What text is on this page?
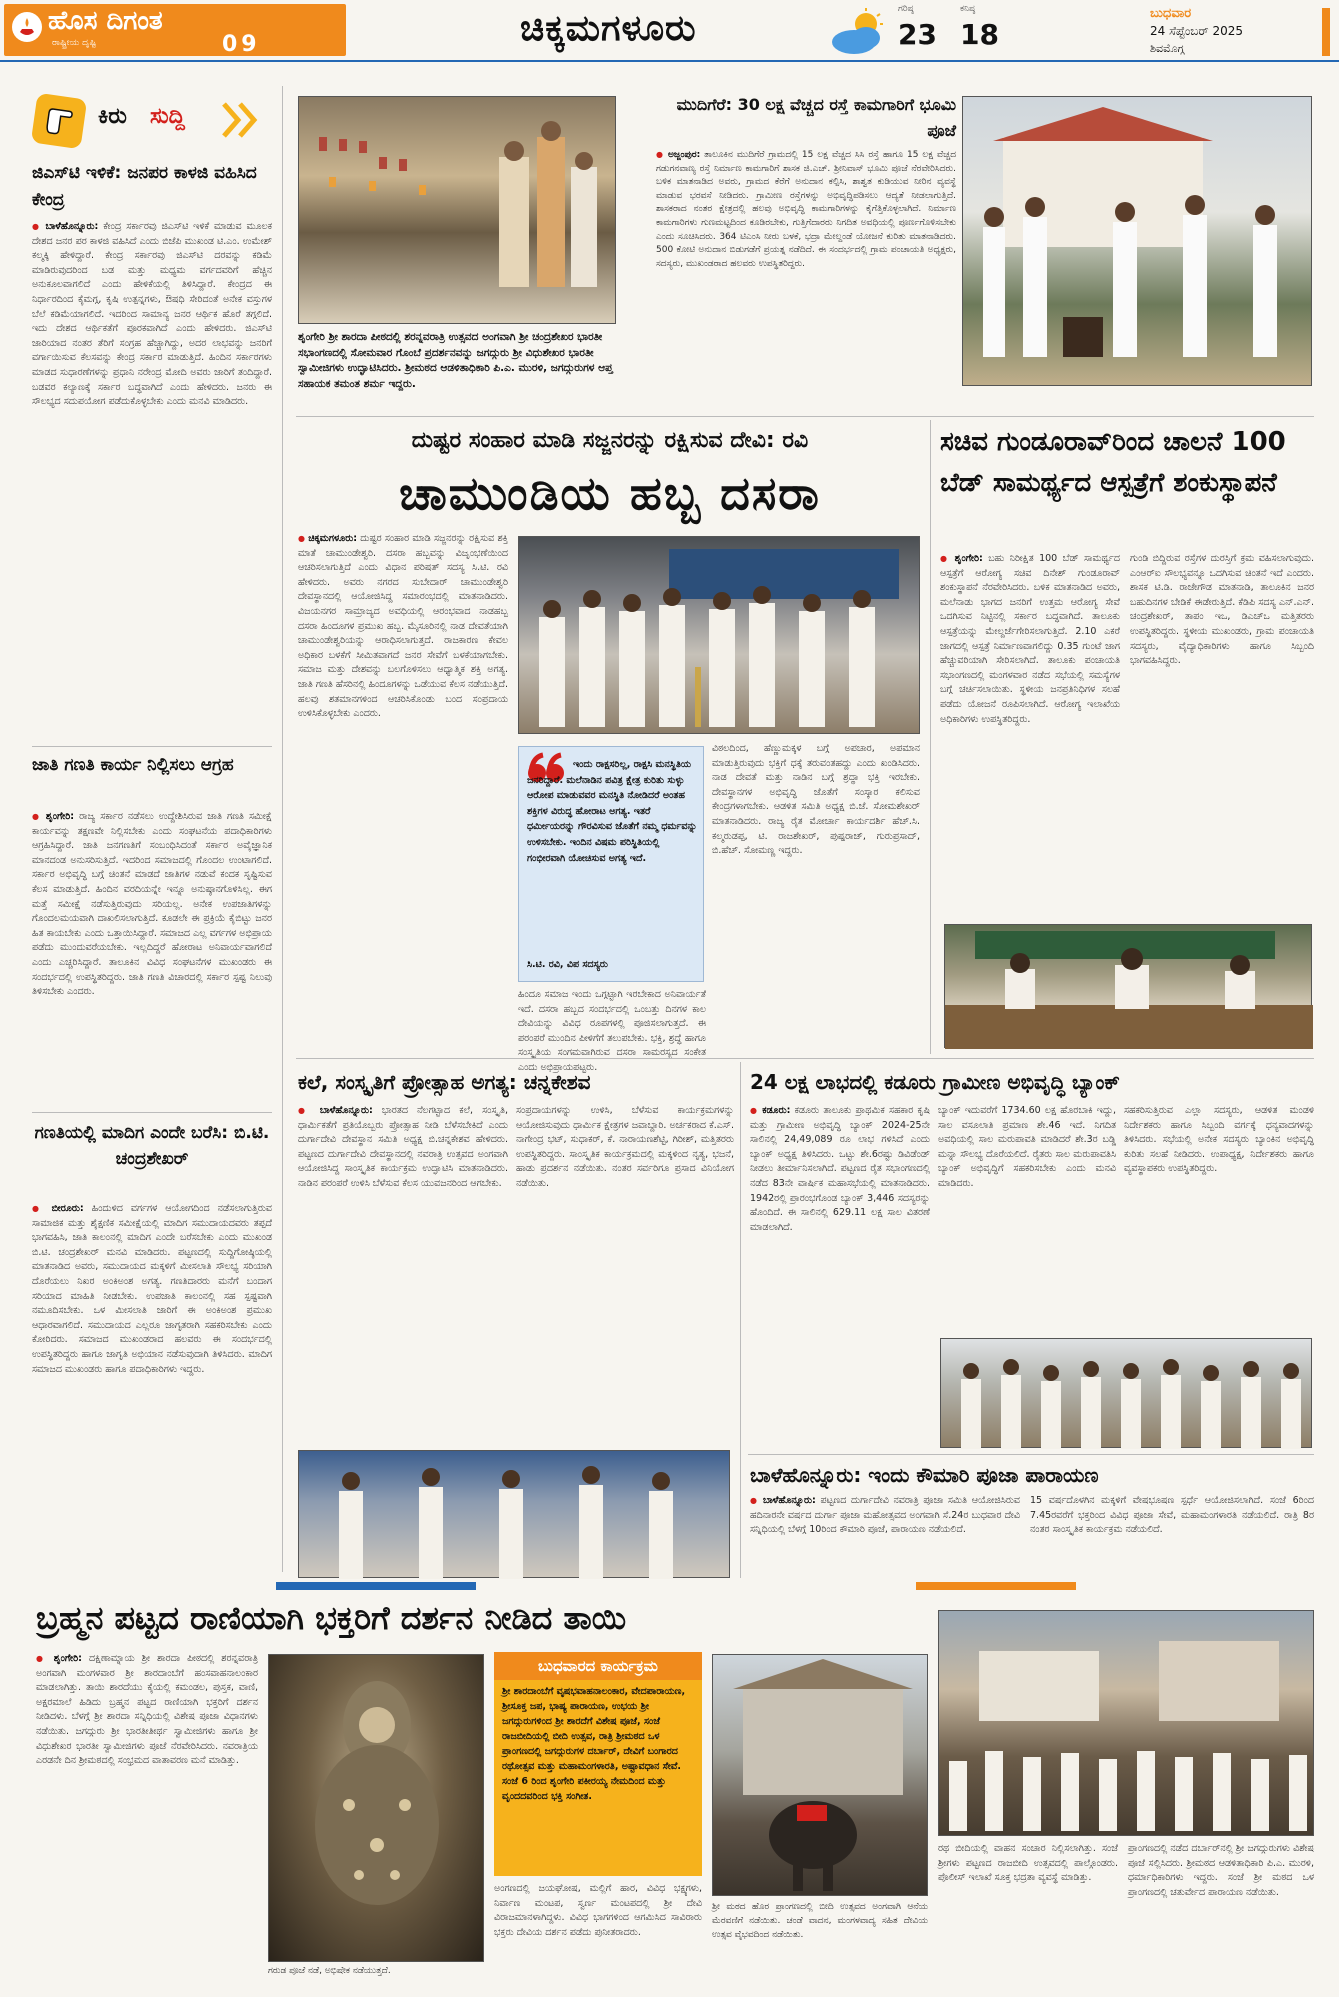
ಹೊಸ ದಿಗಂತ
ರಾಷ್ಟ್ರೀಯ ದೃಷ್ಟಿ	09	ಚಿಕ್ಕಮಗಳೂರು	ಗರಿಷ್ಠ
23
ಕನಿಷ್ಠ
18
ಬುಧವಾರ
24 ಸೆಪ್ಟೆಂಬರ್ 2025
ಶಿವಮೊಗ್ಗ
ಕಿರು	ಸುದ್ದಿ
ಜಿಎಸ್‌ಟಿ ಇಳಿಕೆ: ಜನಪರ ಕಾಳಜಿ ವಹಿಸಿದ ಕೇಂದ್ರ
● ಬಾಳೆಹೊನ್ನೂರು: ಕೇಂದ್ರ ಸರ್ಕಾರವು ಜಿಎಸ್‌ಟಿ ಇಳಿಕೆ ಮಾಡುವ ಮೂಲಕ ದೇಶದ ಜನರ ಪರ ಕಾಳಜಿ ವಹಿಸಿದೆ ಎಂದು ಬಿಜೆಪಿ ಮುಖಂಡ ಟಿ.ಎಂ. ಉಮೇಶ್ ಕಲ್ಮಕ್ಕಿ ಹೇಳಿದ್ದಾರೆ. ಕೇಂದ್ರ ಸರ್ಕಾರವು ಜಿಎಸ್‌ಟಿ ದರವನ್ನು ಕಡಿಮೆ ಮಾಡಿರುವುದರಿಂದ ಬಡ ಮತ್ತು ಮಧ್ಯಮ ವರ್ಗದವರಿಗೆ ಹೆಚ್ಚಿನ ಅನುಕೂಲವಾಗಲಿದೆ ಎಂದು ಹೇಳಿಕೆಯಲ್ಲಿ ತಿಳಿಸಿದ್ದಾರೆ. ಕೇಂದ್ರದ ಈ ನಿರ್ಧಾರದಿಂದ ಕೈಮಗ್ಗ, ಕೃಷಿ ಉತ್ಪನ್ನಗಳು, ಔಷಧಿ ಸೇರಿದಂತೆ ಅನೇಕ ವಸ್ತುಗಳ ಬೆಲೆ ಕಡಿಮೆಯಾಗಲಿದೆ. ಇದರಿಂದ ಸಾಮಾನ್ಯ ಜನರ ಆರ್ಥಿಕ ಹೊರೆ ತಗ್ಗಲಿದೆ. ಇದು ದೇಶದ ಆರ್ಥಿಕತೆಗೆ ಪೂರಕವಾಗಿದೆ ಎಂದು ಹೇಳಿದರು. ಜಿಎಸ್‌ಟಿ ಜಾರಿಯಾದ ನಂತರ ತೆರಿಗೆ ಸಂಗ್ರಹ ಹೆಚ್ಚಾಗಿದ್ದು, ಅದರ ಲಾಭವನ್ನು ಜನರಿಗೆ ವರ್ಗಾಯಿಸುವ ಕೆಲಸವನ್ನು ಕೇಂದ್ರ ಸರ್ಕಾರ ಮಾಡುತ್ತಿದೆ. ಹಿಂದಿನ ಸರ್ಕಾರಗಳು ಮಾಡದ ಸುಧಾರಣೆಗಳನ್ನು ಪ್ರಧಾನಿ ನರೇಂದ್ರ ಮೋದಿ ಅವರು ಜಾರಿಗೆ ತಂದಿದ್ದಾರೆ. ಬಡವರ ಕಲ್ಯಾಣಕ್ಕೆ ಸರ್ಕಾರ ಬದ್ಧವಾಗಿದೆ ಎಂದು ಹೇಳಿದರು. ಜನರು ಈ ಸೌಲಭ್ಯದ ಸದುಪಯೋಗ ಪಡೆದುಕೊಳ್ಳಬೇಕು ಎಂದು ಮನವಿ ಮಾಡಿದರು.
ಜಾತಿ ಗಣತಿ ಕಾರ್ಯ ನಿಲ್ಲಿಸಲು ಆಗ್ರಹ
● ಶೃಂಗೇರಿ: ರಾಜ್ಯ ಸರ್ಕಾರ ನಡೆಸಲು ಉದ್ದೇಶಿಸಿರುವ ಜಾತಿ ಗಣತಿ ಸಮೀಕ್ಷೆ ಕಾರ್ಯವನ್ನು ತಕ್ಷಣವೇ ನಿಲ್ಲಿಸಬೇಕು ಎಂದು ಸಂಘಟನೆಯ ಪದಾಧಿಕಾರಿಗಳು ಆಗ್ರಹಿಸಿದ್ದಾರೆ. ಜಾತಿ ಜನಗಣತಿಗೆ ಸಂಬಂಧಿಸಿದಂತೆ ಸರ್ಕಾರ ಅವೈಜ್ಞಾನಿಕ ಮಾನದಂಡ ಅನುಸರಿಸುತ್ತಿದೆ. ಇದರಿಂದ ಸಮಾಜದಲ್ಲಿ ಗೊಂದಲ ಉಂಟಾಗಲಿದೆ. ಸರ್ಕಾರ ಅಭಿವೃದ್ಧಿ ಬಗ್ಗೆ ಚಿಂತನೆ ಮಾಡದೆ ಜಾತಿಗಳ ನಡುವೆ ಕಂದಕ ಸೃಷ್ಟಿಸುವ ಕೆಲಸ ಮಾಡುತ್ತಿದೆ. ಹಿಂದಿನ ವರದಿಯನ್ನೇ ಇನ್ನೂ ಅನುಷ್ಠಾನಗೊಳಿಸಿಲ್ಲ. ಈಗ ಮತ್ತೆ ಸಮೀಕ್ಷೆ ನಡೆಸುತ್ತಿರುವುದು ಸರಿಯಲ್ಲ. ಅನೇಕ ಉಪಜಾತಿಗಳನ್ನು ಗೊಂದಲಮಯವಾಗಿ ದಾಖಲಿಸಲಾಗುತ್ತಿದೆ. ಕೂಡಲೇ ಈ ಪ್ರಕ್ರಿಯೆ ಕೈಬಿಟ್ಟು ಜನರ ಹಿತ ಕಾಯಬೇಕು ಎಂದು ಒತ್ತಾಯಿಸಿದ್ದಾರೆ. ಸಮಾಜದ ಎಲ್ಲ ವರ್ಗಗಳ ಅಭಿಪ್ರಾಯ ಪಡೆದು ಮುಂದುವರೆಯಬೇಕು. ಇಲ್ಲದಿದ್ದರೆ ಹೋರಾಟ ಅನಿವಾರ್ಯವಾಗಲಿದೆ ಎಂದು ಎಚ್ಚರಿಸಿದ್ದಾರೆ. ತಾಲೂಕಿನ ವಿವಿಧ ಸಂಘಟನೆಗಳ ಮುಖಂಡರು ಈ ಸಂದರ್ಭದಲ್ಲಿ ಉಪಸ್ಥಿತರಿದ್ದರು. ಜಾತಿ ಗಣತಿ ವಿಚಾರದಲ್ಲಿ ಸರ್ಕಾರ ಸ್ಪಷ್ಟ ನಿಲುವು ತಿಳಿಸಬೇಕು ಎಂದರು.
ಗಣತಿಯಲ್ಲಿ ಮಾದಿಗ ಎಂದೇ ಬರೆಸಿ: ಬಿ.ಟಿ. ಚಂದ್ರಶೇಖರ್
● ಬೀರೂರು: ಹಿಂದುಳಿದ ವರ್ಗಗಳ ಆಯೋಗದಿಂದ ನಡೆಸಲಾಗುತ್ತಿರುವ ಸಾಮಾಜಿಕ ಮತ್ತು ಶೈಕ್ಷಣಿಕ ಸಮೀಕ್ಷೆಯಲ್ಲಿ ಮಾದಿಗ ಸಮುದಾಯದವರು ತಪ್ಪದೆ ಭಾಗವಹಿಸಿ, ಜಾತಿ ಕಾಲಂನಲ್ಲಿ ಮಾದಿಗ ಎಂದೇ ಬರೆಸಬೇಕು ಎಂದು ಮುಖಂಡ ಬಿ.ಟಿ. ಚಂದ್ರಶೇಖರ್ ಮನವಿ ಮಾಡಿದರು. ಪಟ್ಟಣದಲ್ಲಿ ಸುದ್ದಿಗೋಷ್ಠಿಯಲ್ಲಿ ಮಾತನಾಡಿದ ಅವರು, ಸಮುದಾಯದ ಮಕ್ಕಳಿಗೆ ಮೀಸಲಾತಿ ಸೌಲಭ್ಯ ಸರಿಯಾಗಿ ದೊರೆಯಲು ನಿಖರ ಅಂಕಿಅಂಶ ಅಗತ್ಯ. ಗಣತಿದಾರರು ಮನೆಗೆ ಬಂದಾಗ ಸರಿಯಾದ ಮಾಹಿತಿ ನೀಡಬೇಕು. ಉಪಜಾತಿ ಕಾಲಂನಲ್ಲಿ ಸಹ ಸ್ಪಷ್ಟವಾಗಿ ನಮೂದಿಸಬೇಕು. ಒಳ ಮೀಸಲಾತಿ ಜಾರಿಗೆ ಈ ಅಂಕಿಅಂಶ ಪ್ರಮುಖ ಆಧಾರವಾಗಲಿದೆ. ಸಮುದಾಯದ ಎಲ್ಲರೂ ಜಾಗೃತರಾಗಿ ಸಹಕರಿಸಬೇಕು ಎಂದು ಕೋರಿದರು. ಸಮಾಜದ ಮುಖಂಡರಾದ ಹಲವರು ಈ ಸಂದರ್ಭದಲ್ಲಿ ಉಪಸ್ಥಿತರಿದ್ದರು ಹಾಗೂ ಜಾಗೃತಿ ಅಭಿಯಾನ ನಡೆಸುವುದಾಗಿ ತಿಳಿಸಿದರು. ಮಾದಿಗ ಸಮಾಜದ ಮುಖಂಡರು ಹಾಗೂ ಪದಾಧಿಕಾರಿಗಳು ಇದ್ದರು.
ಶೃಂಗೇರಿ ಶ್ರೀ ಶಾರದಾ ಪೀಠದಲ್ಲಿ ಶರನ್ನವರಾತ್ರಿ ಉತ್ಸವದ ಅಂಗವಾಗಿ ಶ್ರೀ ಚಂದ್ರಶೇಖರ ಭಾರತೀ ಸಭಾಂಗಣದಲ್ಲಿ ಸೋಮವಾರ ಗೊಂಬೆ ಪ್ರದರ್ಶನವನ್ನು ಜಗದ್ಗುರು ಶ್ರೀ ವಿಧುಶೇಖರ ಭಾರತೀ ಸ್ವಾಮೀಜಿಗಳು ಉದ್ಘಾಟಿಸಿದರು. ಶ್ರೀಮಠದ ಆಡಳಿತಾಧಿಕಾರಿ ಪಿ.ಎ. ಮುರಳಿ, ಜಗದ್ಗುರುಗಳ ಆಪ್ತ ಸಹಾಯಕ ತಮಂತ ಶರ್ಮ ಇದ್ದರು.
ಮುದಿಗೆರೆ: 30 ಲಕ್ಷ ವೆಚ್ಚದ ರಸ್ತೆ ಕಾಮಗಾರಿಗೆ ಭೂಮಿ ಪೂಜೆ
● ಅಜ್ಜಂಪುರ: ತಾಲೂಕಿನ ಮುದಿಗೆರೆ ಗ್ರಾಮದಲ್ಲಿ 15 ಲಕ್ಷ ವೆಚ್ಚದ ಸಿಸಿ ರಸ್ತೆ ಹಾಗೂ 15 ಲಕ್ಷ ವೆಚ್ಚದ ಗಡುಗನವಾಣ್ಯ ರಸ್ತೆ ನಿರ್ಮಾಣ ಕಾಮಗಾರಿಗೆ ಶಾಸಕ ಜಿ.ಎಚ್. ಶ್ರೀನಿವಾಸ್ ಭೂಮಿ ಪೂಜೆ ನೆರವೇರಿಸಿದರು. ಬಳಿಕ ಮಾತನಾಡಿದ ಅವರು, ಗ್ರಾಮದ ಕೆರೆಗೆ ಅನುದಾನ ಕಲ್ಪಿಸಿ, ಶಾಶ್ವತ ಕುಡಿಯುವ ನೀರಿನ ವ್ಯವಸ್ಥೆ ಮಾಡುವ ಭರವಸೆ ನೀಡಿದರು. ಗ್ರಾಮೀಣ ರಸ್ತೆಗಳನ್ನು ಅಭಿವೃದ್ಧಿಪಡಿಸಲು ಆದ್ಯತೆ ನೀಡಲಾಗುತ್ತಿದೆ. ಶಾಸಕರಾದ ನಂತರ ಕ್ಷೇತ್ರದಲ್ಲಿ ಹಲವು ಅಭಿವೃದ್ಧಿ ಕಾಮಗಾರಿಗಳನ್ನು ಕೈಗೆತ್ತಿಕೊಳ್ಳಲಾಗಿದೆ. ನಿರ್ಮಾಣ ಕಾಮಗಾರಿಗಳು ಗುಣಮಟ್ಟದಿಂದ ಕೂಡಿರಬೇಕು, ಗುತ್ತಿಗೆದಾರರು ನಿಗದಿತ ಅವಧಿಯಲ್ಲಿ ಪೂರ್ಣಗೊಳಿಸಬೇಕು ಎಂದು ಸೂಚಿಸಿದರು. 364 ಟಿಎಂಸಿ ನೀರು ಬಳಕೆ, ಭದ್ರಾ ಮೇಲ್ದಂಡೆ ಯೋಜನೆ ಕುರಿತು ಮಾತನಾಡಿದರು. 500 ಕೋಟಿ ಅನುದಾನ ಬಿಡುಗಡೆಗೆ ಪ್ರಯತ್ನ ನಡೆದಿದೆ. ಈ ಸಂದರ್ಭದಲ್ಲಿ ಗ್ರಾಮ ಪಂಚಾಯತಿ ಅಧ್ಯಕ್ಷರು, ಸದಸ್ಯರು, ಮುಖಂಡರಾದ ಹಲವರು ಉಪಸ್ಥಿತರಿದ್ದರು.
ದುಷ್ಟರ ಸಂಹಾರ ಮಾಡಿ ಸಜ್ಜನರನ್ನು ರಕ್ಷಿಸುವ ದೇವಿ: ರವಿ
ಚಾಮುಂಡಿಯ ಹಬ್ಬ ದಸರಾ
● ಚಿಕ್ಕಮಗಳೂರು: ದುಷ್ಟರ ಸಂಹಾರ ಮಾಡಿ ಸಜ್ಜನರನ್ನು ರಕ್ಷಿಸುವ ಶಕ್ತಿ ಮಾತೆ ಚಾಮುಂಡೇಶ್ವರಿ. ದಸರಾ ಹಬ್ಬವನ್ನು ವಿಜೃಂಭಣೆಯಿಂದ ಆಚರಿಸಲಾಗುತ್ತಿದೆ ಎಂದು ವಿಧಾನ ಪರಿಷತ್ ಸದಸ್ಯ ಸಿ.ಟಿ. ರವಿ ಹೇಳಿದರು. ಅವರು ನಗರದ ಸುಬೇದಾರ್ ಚಾಮುಂಡೇಶ್ವರಿ ದೇವಸ್ಥಾನದಲ್ಲಿ ಆಯೋಜಿಸಿದ್ದ ಸಮಾರಂಭದಲ್ಲಿ ಮಾತನಾಡಿದರು. ವಿಜಯನಗರ ಸಾಮ್ರಾಜ್ಯದ ಅವಧಿಯಲ್ಲಿ ಆರಂಭವಾದ ನಾಡಹಬ್ಬ ದಸರಾ ಹಿಂದೂಗಳ ಪ್ರಮುಖ ಹಬ್ಬ. ಮೈಸೂರಿನಲ್ಲಿ ನಾಡ ದೇವತೆಯಾಗಿ ಚಾಮುಂಡೇಶ್ವರಿಯನ್ನು ಆರಾಧಿಸಲಾಗುತ್ತದೆ. ರಾಜಕಾರಣ ಕೇವಲ ಅಧಿಕಾರ ಬಳಕೆಗೆ ಸೀಮಿತವಾಗದೆ ಜನರ ಸೇವೆಗೆ ಬಳಕೆಯಾಗಬೇಕು. ಸಮಾಜ ಮತ್ತು ದೇಶವನ್ನು ಬಲಗೊಳಿಸಲು ಆಧ್ಯಾತ್ಮಿಕ ಶಕ್ತಿ ಅಗತ್ಯ. ಜಾತಿ ಗಣತಿ ಹೆಸರಿನಲ್ಲಿ ಹಿಂದೂಗಳನ್ನು ಒಡೆಯುವ ಕೆಲಸ ನಡೆಯುತ್ತಿದೆ. ಹಲವು ಶತಮಾನಗಳಿಂದ ಆಚರಿಸಿಕೊಂಡು ಬಂದ ಸಂಪ್ರದಾಯ ಉಳಿಸಿಕೊಳ್ಳಬೇಕು ಎಂದರು.
ಇಂದು ರಾಕ್ಷಸರಿಲ್ಲ, ರಾಕ್ಷಸಿ ಮನಸ್ಥಿತಿಯ ಜನರಿದ್ದಾರೆ. ಮಲೆನಾಡಿನ ಪವಿತ್ರ ಕ್ಷೇತ್ರ ಕುರಿತು ಸುಳ್ಳು ಆರೋಪ ಮಾಡುವವರ ಮನಸ್ಥಿತಿ ನೋಡಿದರೆ ಅಂತಹ ಶಕ್ತಿಗಳ ವಿರುದ್ಧ ಹೋರಾಟ ಅಗತ್ಯ. ಇತರೆ ಧರ್ಮೀಯರನ್ನು ಗೌರವಿಸುವ ಜೊತೆಗೆ ನಮ್ಮ ಧರ್ಮವನ್ನು ಉಳಿಸಬೇಕು. ಇಂದಿನ ವಿಷಮ ಪರಿಸ್ಥಿತಿಯಲ್ಲಿ ಗಂಭೀರವಾಗಿ ಯೋಚಿಸುವ ಅಗತ್ಯ ಇದೆ.
ಸಿ.ಟಿ. ರವಿ, ವಿಪ ಸದಸ್ಯರು
ವಿಠಲದಿಂದ, ಹೆಣ್ಣುಮಕ್ಕಳ ಬಗ್ಗೆ ಅಪಚಾರ, ಅಪಮಾನ ಮಾಡುತ್ತಿರುವುದು ಭಕ್ತಿಗೆ ಧಕ್ಕೆ ತರುವಂತಹದ್ದು ಎಂದು ಖಂಡಿಸಿದರು. ನಾಡ ದೇವತೆ ಮತ್ತು ನಾಡಿನ ಬಗ್ಗೆ ಶ್ರದ್ಧಾ ಭಕ್ತಿ ಇರಬೇಕು. ದೇವಸ್ಥಾನಗಳ ಅಭಿವೃದ್ಧಿ ಜೊತೆಗೆ ಸಂಸ್ಕಾರ ಕಲಿಸುವ ಕೇಂದ್ರಗಳಾಗಬೇಕು. ಆಡಳಿತ ಸಮಿತಿ ಅಧ್ಯಕ್ಷ ಬಿ.ಜೆ. ಸೋಮಶೇಖರ್ ಮಾತನಾಡಿದರು. ರಾಜ್ಯ ರೈತ ಮೋರ್ಚಾ ಕಾರ್ಯದರ್ಶಿ ಹೆಚ್.ಸಿ. ಕಲ್ಮರುಡಪ್ಪ, ಟಿ. ರಾಜಶೇಖರ್, ಪುಷ್ಪರಾಜ್, ಗುರುಪ್ರಸಾದ್, ಬಿ.ಹೆಚ್. ಸೋಮಣ್ಣ ಇದ್ದರು.
ಹಿಂದೂ ಸಮಾಜ ಇಂದು ಒಗ್ಗಟ್ಟಾಗಿ ಇರಬೇಕಾದ ಅನಿವಾರ್ಯತೆ ಇದೆ. ದಸರಾ ಹಬ್ಬದ ಸಂದರ್ಭದಲ್ಲಿ ಒಂಬತ್ತು ದಿನಗಳ ಕಾಲ ದೇವಿಯನ್ನು ವಿವಿಧ ರೂಪಗಳಲ್ಲಿ ಪೂಜಿಸಲಾಗುತ್ತದೆ. ಈ ಪರಂಪರೆ ಮುಂದಿನ ಪೀಳಿಗೆಗೆ ತಲುಪಬೇಕು. ಭಕ್ತಿ, ಶ್ರದ್ಧೆ ಹಾಗೂ ಸಂಸ್ಕೃತಿಯ ಸಂಗಮವಾಗಿರುವ ದಸರಾ ಸಾಮರಸ್ಯದ ಸಂಕೇತ ಎಂದು ಅಭಿಪ್ರಾಯಪಟ್ಟರು.
ಸಚಿವ ಗುಂಡೂರಾವ್‌ರಿಂದ ಚಾಲನೆ 100 ಬೆಡ್ ಸಾಮರ್ಥ್ಯದ ಆಸ್ಪತ್ರೆಗೆ ಶಂಕುಸ್ಥಾಪನೆ
● ಶೃಂಗೇರಿ: ಬಹು ನಿರೀಕ್ಷಿತ 100 ಬೆಡ್ ಸಾಮರ್ಥ್ಯದ ಆಸ್ಪತ್ರೆಗೆ ಆರೋಗ್ಯ ಸಚಿವ ದಿನೇಶ್ ಗುಂಡೂರಾವ್ ಶಂಕುಸ್ಥಾಪನೆ ನೆರವೇರಿಸಿದರು. ಬಳಿಕ ಮಾತನಾಡಿದ ಅವರು, ಮಲೆನಾಡು ಭಾಗದ ಜನರಿಗೆ ಉತ್ತಮ ಆರೋಗ್ಯ ಸೇವೆ ಒದಗಿಸುವ ನಿಟ್ಟಿನಲ್ಲಿ ಸರ್ಕಾರ ಬದ್ಧವಾಗಿದೆ. ತಾಲೂಕು ಆಸ್ಪತ್ರೆಯನ್ನು ಮೇಲ್ದರ್ಜೆಗೇರಿಸಲಾಗುತ್ತಿದೆ. 2.10 ಎಕರೆ ಜಾಗದಲ್ಲಿ ಆಸ್ಪತ್ರೆ ನಿರ್ಮಾಣವಾಗಲಿದ್ದು 0.35 ಗುಂಟೆ ಜಾಗ ಹೆಚ್ಚುವರಿಯಾಗಿ ಸೇರಿಸಲಾಗಿದೆ. ತಾಲೂಕು ಪಂಚಾಯತಿ ಸಭಾಂಗಣದಲ್ಲಿ ಮಂಗಳವಾರ ನಡೆದ ಸಭೆಯಲ್ಲಿ ಸಮಸ್ಯೆಗಳ ಬಗ್ಗೆ ಚರ್ಚಿಸಲಾಯಿತು. ಸ್ಥಳೀಯ ಜನಪ್ರತಿನಿಧಿಗಳ ಸಲಹೆ ಪಡೆದು ಯೋಜನೆ ರೂಪಿಸಲಾಗಿದೆ. ಆರೋಗ್ಯ ಇಲಾಖೆಯ ಅಧಿಕಾರಿಗಳು ಉಪಸ್ಥಿತರಿದ್ದರು.
ಗುಂಡಿ ಬಿದ್ದಿರುವ ರಸ್ತೆಗಳ ದುರಸ್ತಿಗೆ ಕ್ರಮ ವಹಿಸಲಾಗುವುದು. ಎಂಆರ್‌ಐ ಸೌಲಭ್ಯವನ್ನೂ ಒದಗಿಸುವ ಚಿಂತನೆ ಇದೆ ಎಂದರು. ಶಾಸಕ ಟಿ.ಡಿ. ರಾಜೇಗೌಡ ಮಾತನಾಡಿ, ತಾಲೂಕಿನ ಜನರ ಬಹುದಿನಗಳ ಬೇಡಿಕೆ ಈಡೇರುತ್ತಿದೆ. ಕೆಡಿಪಿ ಸದಸ್ಯ ಎನ್.ಎನ್. ಚಂದ್ರಶೇಖರ್, ತಾಪಂ ಇಒ, ಡಿಎಚ್‌ಒ ಮತ್ತಿತರರು ಉಪಸ್ಥಿತರಿದ್ದರು. ಸ್ಥಳೀಯ ಮುಖಂಡರು, ಗ್ರಾಮ ಪಂಚಾಯತಿ ಸದಸ್ಯರು, ವೈದ್ಯಾಧಿಕಾರಿಗಳು ಹಾಗೂ ಸಿಬ್ಬಂದಿ ಭಾಗವಹಿಸಿದ್ದರು.
ಕಲೆ, ಸಂಸ್ಕೃತಿಗೆ ಪ್ರೋತ್ಸಾಹ ಅಗತ್ಯ: ಚನ್ನಕೇಶವ
● ಬಾಳೆಹೊನ್ನೂರು: ಭಾರತದ ನೆಲಗಟ್ಟಾದ ಕಲೆ, ಸಂಸ್ಕೃತಿ, ಧಾರ್ಮಿಕತೆಗೆ ಪ್ರತಿಯೊಬ್ಬರು ಪ್ರೋತ್ಸಾಹ ನೀಡಿ ಬೆಳೆಸಬೇಕಿದೆ ಎಂದು ದುರ್ಗಾದೇವಿ ದೇವಸ್ಥಾನ ಸಮಿತಿ ಅಧ್ಯಕ್ಷ ಬಿ.ಚನ್ನಕೇಶವ ಹೇಳಿದರು. ಪಟ್ಟಣದ ದುರ್ಗಾದೇವಿ ದೇವಸ್ಥಾನದಲ್ಲಿ ನವರಾತ್ರಿ ಉತ್ಸವದ ಅಂಗವಾಗಿ ಆಯೋಜಿಸಿದ್ದ ಸಾಂಸ್ಕೃತಿಕ ಕಾರ್ಯಕ್ರಮ ಉದ್ಘಾಟಿಸಿ ಮಾತನಾಡಿದರು. ನಾಡಿನ ಪರಂಪರೆ ಉಳಿಸಿ ಬೆಳೆಸುವ ಕೆಲಸ ಯುವಜನರಿಂದ ಆಗಬೇಕು.
ಸಂಪ್ರದಾಯಗಳನ್ನು ಉಳಿಸಿ, ಬೆಳೆಸುವ ಕಾರ್ಯಕ್ರಮಗಳನ್ನು ಆಯೋಜಿಸುವುದು ಧಾರ್ಮಿಕ ಕ್ಷೇತ್ರಗಳ ಜವಾಬ್ದಾರಿ. ಅರ್ಚಕರಾದ ಕೆ.ಎಸ್. ನಾಗೇಂದ್ರ ಭಟ್, ಸುಧಾಕರ್, ಕೆ. ನಾರಾಯಣಶೆಟ್ಟಿ, ಗಿರೀಶ್, ಮತ್ತಿತರರು ಉಪಸ್ಥಿತರಿದ್ದರು. ಸಾಂಸ್ಕೃತಿಕ ಕಾರ್ಯಕ್ರಮದಲ್ಲಿ ಮಕ್ಕಳಿಂದ ನೃತ್ಯ, ಭಜನೆ, ಹಾಡು ಪ್ರದರ್ಶನ ನಡೆಯಿತು. ನಂತರ ಸರ್ವರಿಗೂ ಪ್ರಸಾದ ವಿನಿಯೋಗ ನಡೆಯಿತು.
24 ಲಕ್ಷ ಲಾಭದಲ್ಲಿ ಕಡೂರು ಗ್ರಾಮೀಣ ಅಭಿವೃದ್ಧಿ ಬ್ಯಾಂಕ್
● ಕಡೂರು: ಕಡೂರು ತಾಲೂಕು ಪ್ರಾಥಮಿಕ ಸಹಕಾರ ಕೃಷಿ ಮತ್ತು ಗ್ರಾಮೀಣ ಅಭಿವೃದ್ಧಿ ಬ್ಯಾಂಕ್ 2024-25ನೇ ಸಾಲಿನಲ್ಲಿ 24,49,089 ರೂ ಲಾಭ ಗಳಿಸಿದೆ ಎಂದು ಬ್ಯಾಂಕ್ ಅಧ್ಯಕ್ಷ ತಿಳಿಸಿದರು. ಒಟ್ಟು ಶೇ.6ರಷ್ಟು ಡಿವಿಡೆಂಡ್ ನೀಡಲು ತೀರ್ಮಾನಿಸಲಾಗಿದೆ. ಪಟ್ಟಣದ ರೈತ ಸಭಾಂಗಣದಲ್ಲಿ ನಡೆದ 83ನೇ ವಾರ್ಷಿಕ ಮಹಾಸಭೆಯಲ್ಲಿ ಮಾತನಾಡಿದರು. 1942ರಲ್ಲಿ ಪ್ರಾರಂಭಗೊಂಡ ಬ್ಯಾಂಕ್ 3,446 ಸದಸ್ಯರನ್ನು ಹೊಂದಿದೆ. ಈ ಸಾಲಿನಲ್ಲಿ 629.11 ಲಕ್ಷ ಸಾಲ ವಿತರಣೆ ಮಾಡಲಾಗಿದೆ.
ಬ್ಯಾಂಕ್ ಇದುವರೆಗೆ 1734.60 ಲಕ್ಷ ಹೊರಬಾಕಿ ಇದ್ದು, ಸಾಲ ವಸೂಲಾತಿ ಪ್ರಮಾಣ ಶೇ.46 ಇದೆ. ನಿಗದಿತ ಅವಧಿಯಲ್ಲಿ ಸಾಲ ಮರುಪಾವತಿ ಮಾಡಿದರೆ ಶೇ.3ರ ಬಡ್ಡಿ ಮನ್ನಾ ಸೌಲಭ್ಯ ದೊರೆಯಲಿದೆ. ರೈತರು ಸಾಲ ಮರುಪಾವತಿಸಿ ಬ್ಯಾಂಕ್ ಅಭಿವೃದ್ಧಿಗೆ ಸಹಕರಿಸಬೇಕು ಎಂದು ಮನವಿ ಮಾಡಿದರು.
ಸಹಕರಿಸುತ್ತಿರುವ ಎಲ್ಲಾ ಸದಸ್ಯರು, ಆಡಳಿತ ಮಂಡಳಿ ನಿರ್ದೇಶಕರು ಹಾಗೂ ಸಿಬ್ಬಂದಿ ವರ್ಗಕ್ಕೆ ಧನ್ಯವಾದಗಳನ್ನು ತಿಳಿಸಿದರು. ಸಭೆಯಲ್ಲಿ ಅನೇಕ ಸದಸ್ಯರು ಬ್ಯಾಂಕಿನ ಅಭಿವೃದ್ಧಿ ಕುರಿತು ಸಲಹೆ ನೀಡಿದರು. ಉಪಾಧ್ಯಕ್ಷ, ನಿರ್ದೇಶಕರು ಹಾಗೂ ವ್ಯವಸ್ಥಾಪಕರು ಉಪಸ್ಥಿತರಿದ್ದರು.
ಬಾಳೆಹೊನ್ನೂರು: ಇಂದು ಕೌಮಾರಿ ಪೂಜಾ ಪಾರಾಯಣ
● ಬಾಳೆಹೊನ್ನೂರು: ಪಟ್ಟಣದ ದುರ್ಗಾದೇವಿ ನವರಾತ್ರಿ ಪೂಜಾ ಸಮಿತಿ ಆಯೋಜಿಸಿರುವ ಹದಿನಾರನೇ ವರ್ಷದ ದುರ್ಗಾ ಪೂಜಾ ಮಹೋತ್ಸವದ ಅಂಗವಾಗಿ ಸೆ.24ರ ಬುಧವಾರ ದೇವಿ ಸನ್ನಿಧಿಯಲ್ಲಿ ಬೆಳಗ್ಗೆ 10ರಿಂದ ಕೌಮಾರಿ ಪೂಜೆ, ಪಾರಾಯಣ ನಡೆಯಲಿದೆ.
15 ವರ್ಷದೊಳಗಿನ ಮಕ್ಕಳಿಗೆ ವೇಷಭೂಷಣ ಸ್ಪರ್ಧೆ ಆಯೋಜಿಸಲಾಗಿದೆ. ಸಂಜೆ 6ರಿಂದ 7.45ರವರೆಗೆ ಭಕ್ತರಿಂದ ವಿವಿಧ ಪೂಜಾ ಸೇವೆ, ಮಹಾಮಂಗಳಾರತಿ ನಡೆಯಲಿದೆ. ರಾತ್ರಿ 8ರ ನಂತರ ಸಾಂಸ್ಕೃತಿಕ ಕಾರ್ಯಕ್ರಮ ನಡೆಯಲಿದೆ.
ಬ್ರಹ್ಮನ ಪಟ್ಟದ ರಾಣಿಯಾಗಿ ಭಕ್ತರಿಗೆ ದರ್ಶನ ನೀಡಿದ ತಾಯಿ
● ಶೃಂಗೇರಿ: ದಕ್ಷಿಣಾಮ್ನಾಯ ಶ್ರೀ ಶಾರದಾ ಪೀಠದಲ್ಲಿ ಶರನ್ನವರಾತ್ರಿ ಅಂಗವಾಗಿ ಮಂಗಳವಾರ ಶ್ರೀ ಶಾರದಾಂಬೆಗೆ ಹಂಸವಾಹನಾಲಂಕಾರ ಮಾಡಲಾಗಿತ್ತು. ತಾಯಿ ಶಾರದೆಯು ಕೈಯಲ್ಲಿ ಕಮಂಡಲ, ಪುಸ್ತಕ, ವಾಣಿ, ಅಕ್ಷರಮಾಲೆ ಹಿಡಿದು ಬ್ರಹ್ಮನ ಪಟ್ಟದ ರಾಣಿಯಾಗಿ ಭಕ್ತರಿಗೆ ದರ್ಶನ ನೀಡಿದಳು. ಬೆಳಗ್ಗೆ ಶ್ರೀ ಶಾರದಾ ಸನ್ನಿಧಿಯಲ್ಲಿ ವಿಶೇಷ ಪೂಜಾ ವಿಧಾನಗಳು ನಡೆಯಿತು. ಜಗದ್ಗುರು ಶ್ರೀ ಭಾರತೀತೀರ್ಥ ಸ್ವಾಮೀಜಿಗಳು ಹಾಗೂ ಶ್ರೀ ವಿಧುಶೇಖರ ಭಾರತೀ ಸ್ವಾಮೀಜಿಗಳು ಪೂಜೆ ನೆರವೇರಿಸಿದರು. ನವರಾತ್ರಿಯ ಎರಡನೇ ದಿನ ಶ್ರೀಮಠದಲ್ಲಿ ಸಂಭ್ರಮದ ವಾತಾವರಣ ಮನೆ ಮಾಡಿತ್ತು.
ಗರುಡ ಪೂಜೆ ನಡೆ, ಅಭಿಷೇಕ ನಡೆಯುತ್ತದೆ.
ಬುಧವಾರದ ಕಾರ್ಯಕ್ರಮ
ಶ್ರೀ ಶಾರದಾಂಬೆಗೆ ವೃಷಭವಾಹನಾಲಂಕಾರ, ವೇದಪಾರಾಯಣ, ಶ್ರೀಸೂಕ್ತ ಜಪ, ಭಾಷ್ಯ ಪಾರಾಯಣ, ಉಭಯ ಶ್ರೀ ಜಗದ್ಗುರುಗಳಿಂದ ಶ್ರೀ ಶಾರದೆಗೆ ವಿಶೇಷ ಪೂಜೆ, ಸಂಜೆ ರಾಜಬೀದಿಯಲ್ಲಿ ಬೀದಿ ಉತ್ಸವ, ರಾತ್ರಿ ಶ್ರೀಮಠದ ಒಳ ಪ್ರಾಂಗಣದಲ್ಲಿ ಜಗದ್ಗುರುಗಳ ದರ್ಬಾರ್, ದೇವಿಗೆ ಬಂಗಾರದ ರಥೋತ್ಸವ ಮತ್ತು ಮಹಾಮಂಗಳಾರತಿ, ಅಷ್ಟಾವಧಾನ ಸೇವೆ. ಸಂಜೆ 6 ರಿಂದ ಶೃಂಗೇರಿ ಪಕೀರಯ್ಯ ನೇಮದಿಂದ ಮತ್ತು ವೃಂದದವರಿಂದ ಭಕ್ತಿ ಸಂಗೀತ.
ಅಂಗಣದಲ್ಲಿ ಜಯಘೋಷ, ಮಲ್ಲಿಗೆ ಹಾರ, ವಿವಿಧ ಭಕ್ಷ್ಯಗಳು, ನಿರ್ವಾಣ ಮಂಟಪ, ಸ್ವರ್ಣ ಮಂಟಪದಲ್ಲಿ ಶ್ರೀ ದೇವಿ ವಿರಾಜಮಾನಳಾಗಿದ್ದಳು. ವಿವಿಧ ಭಾಗಗಳಿಂದ ಆಗಮಿಸಿದ ಸಾವಿರಾರು ಭಕ್ತರು ದೇವಿಯ ದರ್ಶನ ಪಡೆದು ಪುನೀತರಾದರು.
ಶ್ರೀ ಮಠದ ಹೊರ ಪ್ರಾಂಗಣದಲ್ಲಿ ಬೀದಿ ಉತ್ಸವದ ಅಂಗವಾಗಿ ಆನೆಯ ಮೆರವಣಿಗೆ ನಡೆಯಿತು. ಚಂಡೆ ವಾದನ, ಮಂಗಳವಾದ್ಯ ಸಹಿತ ದೇವಿಯ ಉತ್ಸವ ವೈಭವದಿಂದ ನಡೆಯಿತು.
ರಥ ಬೀದಿಯಲ್ಲಿ ವಾಹನ ಸಂಚಾರ ನಿಲ್ಲಿಸಲಾಗಿತ್ತು. ಸಂಜೆ ಶ್ರೀಗಳು ಪಟ್ಟಣದ ರಾಜಬೀದಿ ಉತ್ಸವದಲ್ಲಿ ಪಾಲ್ಗೊಂಡರು. ಪೊಲೀಸ್ ಇಲಾಖೆ ಸೂಕ್ತ ಭದ್ರತಾ ವ್ಯವಸ್ಥೆ ಮಾಡಿತ್ತು.
ಪ್ರಾಂಗಣದಲ್ಲಿ ನಡೆದ ದರ್ಬಾರ್‌ನಲ್ಲಿ ಶ್ರೀ ಜಗದ್ಗುರುಗಳು ವಿಶೇಷ ಪೂಜೆ ಸಲ್ಲಿಸಿದರು. ಶ್ರೀಮಠದ ಆಡಳಿತಾಧಿಕಾರಿ ಪಿ.ಎ. ಮುರಳಿ, ಧರ್ಮಾಧಿಕಾರಿಗಳು ಇದ್ದರು. ಸಂಜೆ ಶ್ರೀ ಮಠದ ಒಳ ಪ್ರಾಂಗಣದಲ್ಲಿ ಚತುರ್ವೇದ ಪಾರಾಯಣ ನಡೆಯಿತು.
